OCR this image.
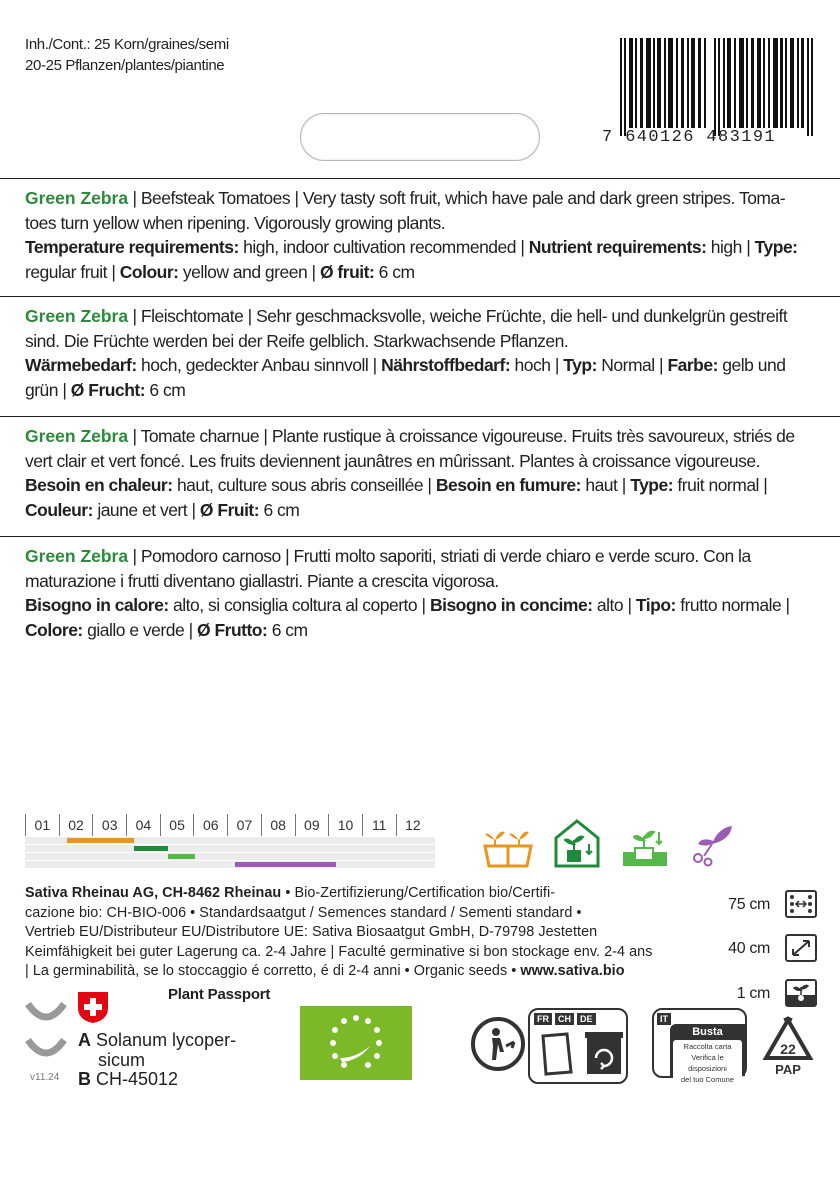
Inh./Cont.: 25 Korn/graines/semi
20-25 Pflanzen/plantes/piantine
7 640126 483191

Green Zebra | Beefsteak Tomatoes | Very tasty soft fruit, which have pale and dark green stripes. Toma-

toes turn yellow when ripening. Vigorously growing plants.

Temperature requirements: high, indoor cultivation recommended | Nutrient requirements: high | Type:

regular fruit | Colour: yellow and green | Ø fruit: 6 cm

Green Zebra | Fleischtomate | Sehr geschmacksvolle, weiche Früchte, die hell- und dunkelgrün gestreift

sind. Die Früchte werden bei der Reife gelblich. Starkwachsende Pflanzen.

Wärmebedarf: hoch, gedeckter Anbau sinnvoll | Nährstoffbedarf: hoch | Typ: Normal | Farbe: gelb und

grün | Ø Frucht: 6 cm

Green Zebra | Tomate charnue | Plante rustique à croissance vigoureuse. Fruits très savoureux, striés de

vert clair et vert foncé. Les fruits deviennent jaunâtres en mûrissant. Plantes à croissance vigoureuse.

Besoin en chaleur: haut, culture sous abris conseillée | Besoin en fumure: haut | Type: fruit normal |

Couleur: jaune et vert | Ø Fruit: 6 cm

Green Zebra | Pomodoro carnoso | Frutti molto saporiti, striati di verde chiaro e verde scuro. Con la

maturazione i frutti diventano giallastri. Piante a crescita vigorosa.

Bisogno in calore: alto, si consiglia coltura al coperto | Bisogno in concime: alto | Tipo: frutto normale |

Colore: giallo e verde | Ø Frutto: 6 cm

01	02	03	04	05	06	07	08	09	10	11	12
Sativa Rheinau AG, CH-8462 Rheinau • Bio-Zertifizierung/Certification bio/Certifi-
cazione bio: CH-BIO-006 • Standardsaatgut / Semences standard / Sementi standard •
Vertrieb EU/Distributeur EU/Distributore UE: Sativa Biosaatgut GmbH, D-79798 Jestetten
Keimfähigkeit bei guter Lagerung ca. 2-4 Jahre | Faculté germinative si bon stockage env. 2-4 ans
| La germinabilità, se lo stoccaggio é corretto, é di 2-4 anni • Organic seeds • www.sativa.bio
75 cm
40 cm
1 cm
Plant Passport
A Solanum lycoper-
sicum
B CH-45012
v11.24
FR	CH	DE	IT
Busta
Raccolta carta
Verifica le disposizioni
del tuo Comune
22
PAP
